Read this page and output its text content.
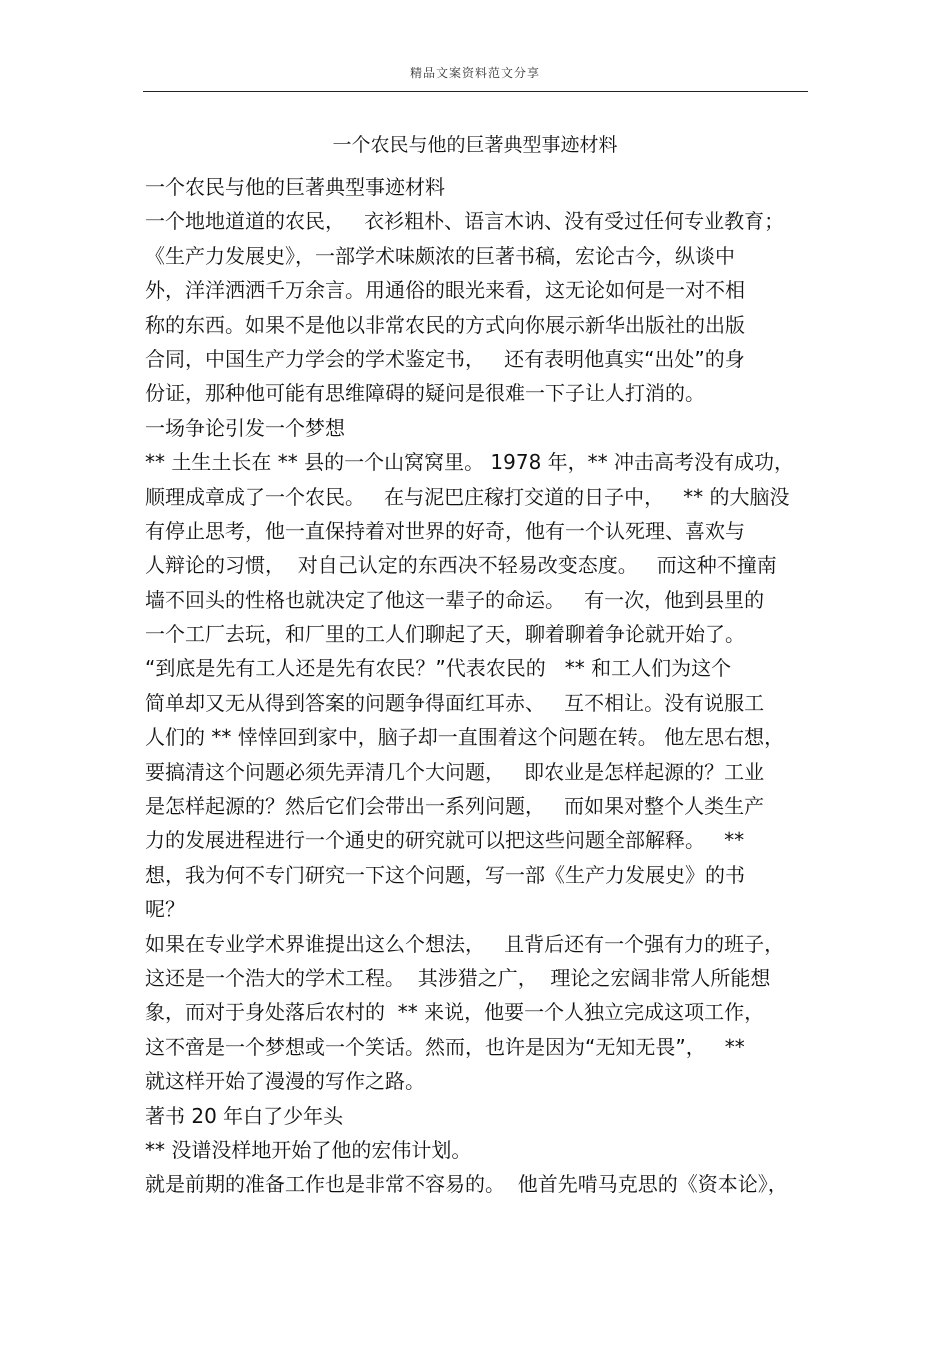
精品文案资料范文分享
一个农民与他的巨著典型事迹材料
一个农民与他的巨著典型事迹材料
一个地地道道的农民，   衣衫粗朴、语言木讷、没有受过任何专业教育；
《生产力发展史》，一部学术味颇浓的巨著书稿，宏论古今，纵谈中
外，洋洋洒洒千万余言。用通俗的眼光来看，这无论如何是一对不相
称的东西。如果不是他以非常农民的方式向你展示新华出版社的出版
合同，中国生产力学会的学术鉴定书，   还有表明他真实“出处”的身
份证，那种他可能有思维障碍的疑问是很难一下子让人打消的。
一场争论引发一个梦想
** 土生土长在 ** 县的一个山窝窝里。 1978 年，** 冲击高考没有成功，
顺理成章成了一个农民。   在与泥巴庄稼打交道的日子中，   ** 的大脑没
有停止思考，他一直保持着对世界的好奇，他有一个认死理、喜欢与
人辩论的习惯，  对自己认定的东西决不轻易改变态度。   而这种不撞南
墙不回头的性格也就决定了他这一辈子的命运。   有一次，他到县里的
一个工厂去玩，和厂里的工人们聊起了天，聊着聊着争论就开始了。
“到底是先有工人还是先有农民？”代表农民的   ** 和工人们为这个
简单却又无从得到答案的问题争得面红耳赤、   互不相让。没有说服工
人们的 ** 悻悻回到家中，脑子却一直围着这个问题在转。 他左思右想，
要搞清这个问题必须先弄清几个大问题，   即农业是怎样起源的？工业
是怎样起源的？然后它们会带出一系列问题，   而如果对整个人类生产
力的发展进程进行一个通史的研究就可以把这些问题全部解释。   **
想，我为何不专门研究一下这个问题，写一部《生产力发展史》的书
呢？
如果在专业学术界谁提出这么个想法，   且背后还有一个强有力的班子，
这还是一个浩大的学术工程。  其涉猎之广，  理论之宏阔非常人所能想
象，而对于身处落后农村的  ** 来说，他要一个人独立完成这项工作，
这不啻是一个梦想或一个笑话。然而，也许是因为“无知无畏”，   **
就这样开始了漫漫的写作之路。
著书 20 年白了少年头
** 没谱没样地开始了他的宏伟计划。
就是前期的准备工作也是非常不容易的。  他首先啃马克思的《资本论》，
